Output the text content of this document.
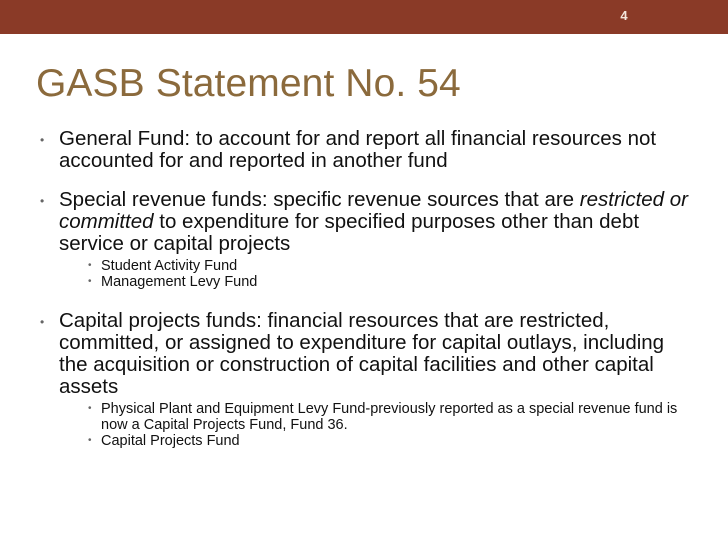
4
GASB Statement No. 54
• General Fund: to account for and report all financial resources not accounted for and reported in another fund
• Special revenue funds: specific revenue sources that are restricted or committed to expenditure for specified purposes other than debt service or capital projects
• Student Activity Fund
• Management Levy Fund
• Capital projects funds: financial resources that are restricted, committed, or assigned to expenditure for capital outlays, including the acquisition or construction of capital facilities and other capital assets
• Physical Plant and Equipment Levy Fund-previously reported as a special revenue fund is now a Capital Projects Fund, Fund 36.
• Capital Projects Fund
